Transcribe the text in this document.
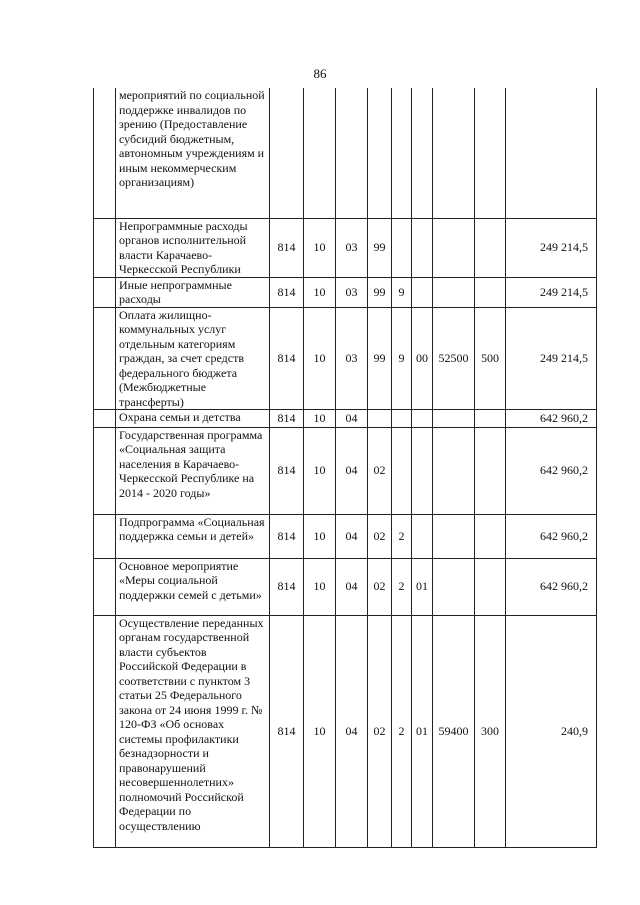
86
	мероприятий по социальной поддержке инвалидов по зрению (Предоставление субсидий бюджетным, автономным учреждениям и иным некоммерческим организациям)									
	Непрограммные расходы органов исполнительной власти Карачаево-Черкесской Республики	814	10	03	99					249 214,5
	Иные непрограммные расходы	814	10	03	99	9				249 214,5
	Оплата жилищно-коммунальных услуг отдельным категориям граждан, за счет средств федерального бюджета (Межбюджетные трансферты)	814	10	03	99	9	00	52500	500	249 214,5
	Охрана семьи и детства	814	10	04						642 960,2
	Государственная программа «Социальная защита населения в Карачаево-Черкесской Республике на 2014 - 2020 годы»	814	10	04	02					642 960,2
	Подпрограмма «Социальная поддержка семьи и детей»	814	10	04	02	2				642 960,2
	Основное мероприятие «Меры социальной поддержки семей с детьми»	814	10	04	02	2	01			642 960,2
	Осуществление переданных органам государственной власти субъектов Российской Федерации в соответствии с пунктом 3 статьи 25 Федерального закона от 24 июня 1999 г. № 120-ФЗ «Об основах системы профилактики безнадзорности и правонарушений несовершеннолетних» полномочий Российской Федерации по осуществлению	814	10	04	02	2	01	59400	300	240,9
